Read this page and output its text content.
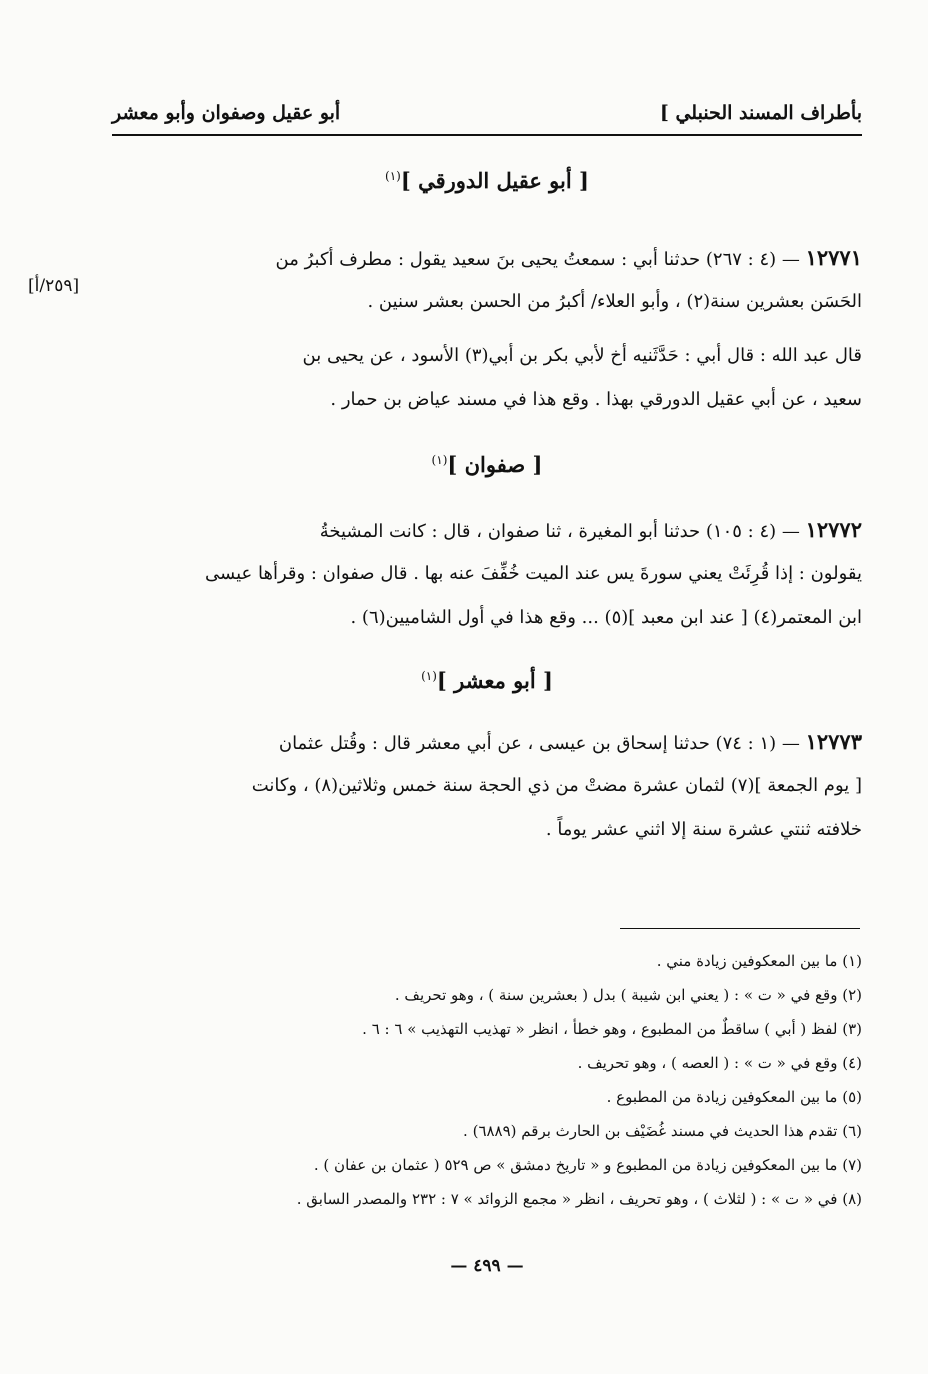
بأطراف المسند الحنبلي ]
أبو عقيل وصفوان وأبو معشر
[٢٥٩/أ]
[ أبو عقيل الدورقي ]$^{(١)}$
١٢٧٧١ — (٤ : ٢٦٧) حدثنا أبي : سمعتُ يحيى بنَ سعيد يقول : مطرف أكبرُ من
الحَسَن بعشرين سنة(٢) ، وأبو العلاء/ أكبرُ من الحسن بعشر سنين .
قال عبد الله : قال أبي : حَدَّثَنيه أخ لأبي بكر بن أبي(٣) الأسود ، عن يحيى بن
سعيد ، عن أبي عقيل الدورقي بهذا . وقع هذا في مسند عياض بن حمار .
[ صفوان ]$^{(١)}$
١٢٧٧٢ — (٤ : ١٠٥) حدثنا أبو المغيرة ، ثنا صفوان ، قال : كانت المشيخةُ
يقولون : إذا قُرِئَتْ يعني سورةَ يس عند الميت خُفِّفَ عنه بها . قال صفوان : وقرأها عيسى
ابن المعتمر(٤) [ عند ابن معبد ](٥) ... وقع هذا في أول الشاميين(٦) .
[ أبو معشر ]$^{(١)}$
١٢٧٧٣ — (١ : ٧٤) حدثنا إسحاق بن عيسى ، عن أبي معشر قال : وقُتل عثمان
[ يوم الجمعة ](٧) لثمان عشرة مضتْ من ذي الحجة سنة خمس وثلاثين(٨) ، وكانت
خلافته ثنتي عشرة سنة إلا اثني عشر يوماً .
(١) ما بين المعكوفين زيادة مني .
(٢) وقع في « ت » : ( يعني ابن شيبة ) بدل ( بعشرين سنة ) ، وهو تحريف .
(٣) لفظ ( أبي ) ساقطٌ من المطبوع ، وهو خطأ ، انظر « تهذيب التهذيب » ٦ : ٦ .
(٤) وقع في « ت » : ( العصه ) ، وهو تحريف .
(٥) ما بين المعكوفين زيادة من المطبوع .
(٦) تقدم هذا الحديث في مسند غُضَيْف بن الحارث برقم (٦٨٨٩) .
(٧) ما بين المعكوفين زيادة من المطبوع و « تاريخ دمشق » ص ٥٢٩ ( عثمان بن عفان ) .
(٨) في « ت » : ( لثلاث ) ، وهو تحريف ، انظر « مجمع الزوائد » ٧ : ٢٣٢ والمصدر السابق .
— ٤٩٩ —
